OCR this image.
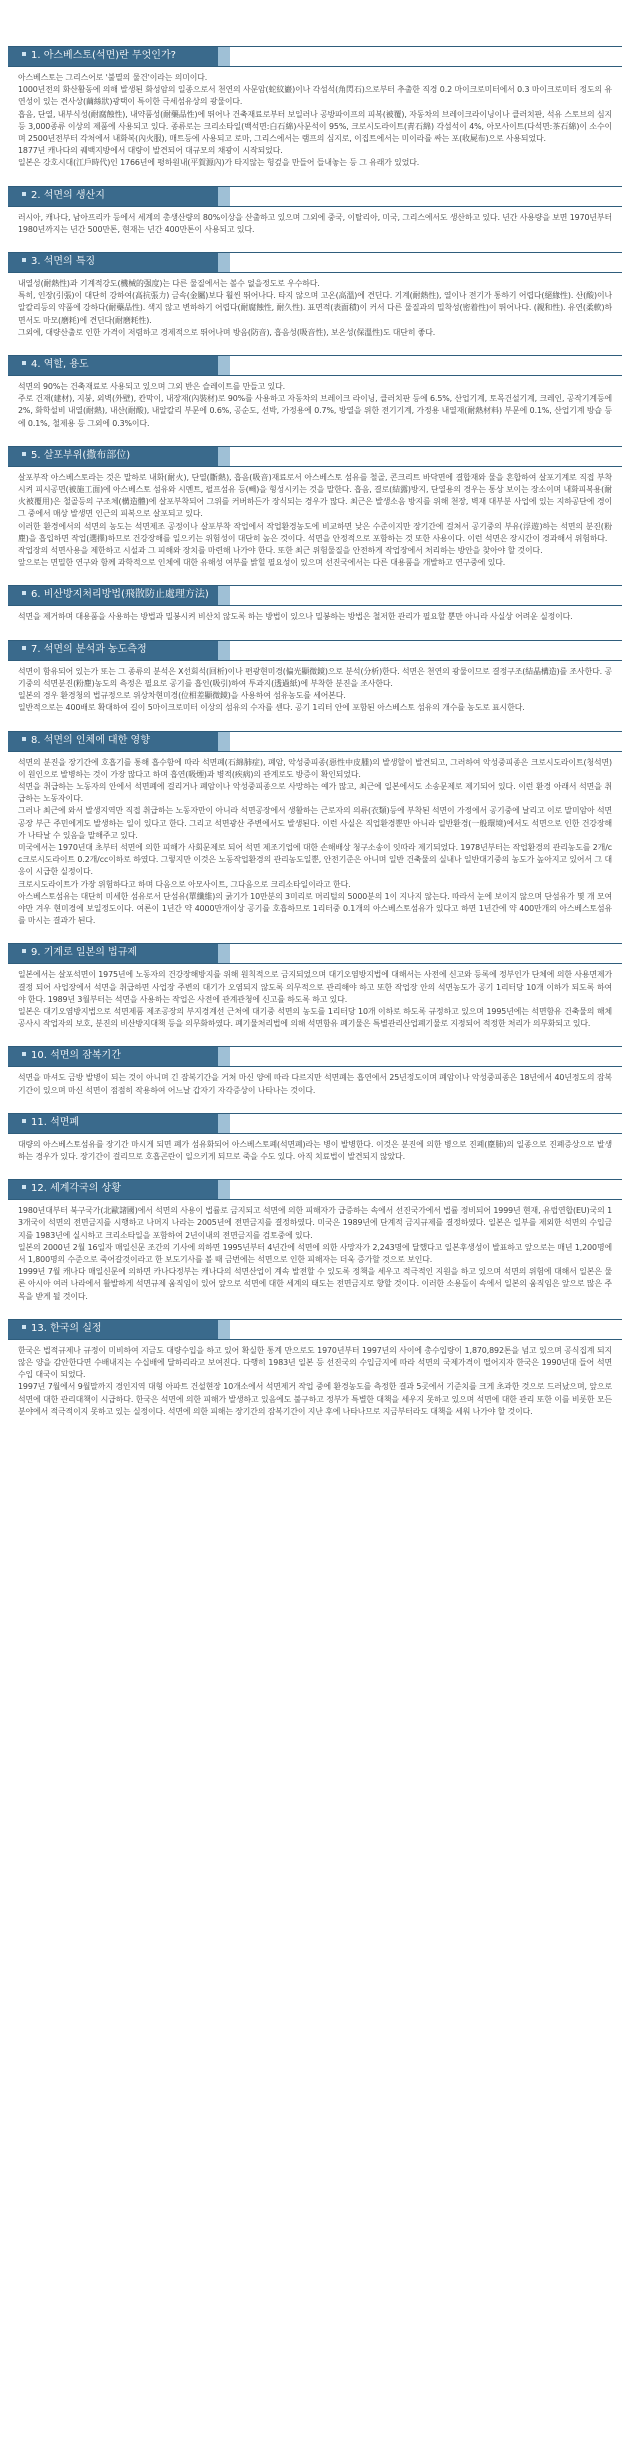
1. 아스베스토(석면)란 무엇인가?

아스베스토는 그리스어로 '불멸의 물건'이라는 의미이다.

1000년전의 화산활동에 의해 발생된 화성암의 일종으로서 천연의 사문암(蛇紋巖)이나 각섬석(角閃石)으로부터 추출한 직경 0.2 마이크로미터에서 0.3 마이크로미터 정도의 유연성이 있는 견사상(繭絲狀)광택이 특이한 극세섬유상의 광물이다.

흡음, 단열, 내부식성(耐腐蝕性), 내약품성(耐藥品性)에 뛰어나 건축재료로부터 보일러나 공방파이프의 피복(被覆), 자동차의 브레이크라이닝이나 클러치판, 석유 스토브의 심지등 3,000종류 이상의 제품에 사용되고 있다. 종류로는 크리소타일(백석면:白石綿)사문석이 95%, 크로시도라이트(靑石綿) 각섬석이 4%, 아모사이트(다석면:茶石綿)이 소수이며 2500년전부터 각처에서 내화복(內火服), 매트등에 사용되고 로마, 그리스에서는 램프의 심지로, 이집트에서는 미이라를 싸는 포(收屍布)으로 사용되었다.

1877년 캐나다의 퀘백지방에서 대량이 발견되어 대규모의 채광이 시작되었다.

일본은 강호시대(江戶時代)인 1766년에 평하원내(平賀源內)가 타지않는 헝겊을 만들어 들내놓는 등 그 유래가 있었다.

2. 석면의 생산지

러시아, 캐나다, 남아프리카 등에서 세계의 총생산량의 80%이상을 산출하고 있으며 그외에 중국, 이탈리아, 미국, 그리스에서도 생산하고 있다. 년간 사용량을 보면 1970년부터 1980년까지는 년간 500만톤, 현재는 년간 400만톤이 사용되고 있다.

3. 석면의 특징

내열성(耐熱性)과 기계적강도(機械的强度)는 다른 물질에서는 볼수 없을정도로 우수하다.

특히, 인장(引張)이 대단히 강하여(高抗張力) 금속(金屬)보다 훨씬 뛰어나다. 타지 않으며 고온(高溫)에 견딘다. 기계(耐熱性), 열이나 전기가 통하기 어렵다(絕緣性). 산(酸)이나 알칼리등의 약품에 강하다(耐藥品性). 색지 않고 변하하기 어렵다(耐腐蝕性, 耐久性). 표면적(表面積)이 커서 다른 물질과의 밀착성(密着性)이 뛰어나다. (親和性). 유연(柔軟)하면서도 마모(磨耗)에 견딘다(耐磨耗性).

그외에, 대량산출로 인한 가격이 저렴하고 경제적으로 뛰어나며 방음(防音), 흡음성(吸音性), 보온성(保溫性)도 대단히 좋다.

4. 역할, 용도

석면의 90%는 건축재료로 사용되고 있으며 그외 반은 슬레이트를 만들고 있다.

주로 건재(建材), 지붕, 외벽(外壁), 칸막이, 내장재(內裝材)로 90%를 사용하고 자동차의 브레이크 라이닝, 클러치판 등에 6.5%, 산업기계, 토목건설기계, 크레인, 공작기계등에 2%, 화학설비 내열(耐熱), 내산(耐酸), 내알칼리 부문에 0.6%, 공순도, 선박, 가정용에 0.7%, 방열을 위한 전기기계, 가정용 내열재(耐熱材料) 부문에 0.1%, 산업기계 방습 등에 0.1%, 철제용 등 그외에 0.3%이다.

5. 살포부위(撒布部位)

살포부작 아스베스토라는 것은 말하로 내화(耐火), 단열(斷熱), 흡음(吸音)재료로서 아스베스토 섬유를 철골, 콘크리트 바닥면에 결합재와 물을 혼합하여 살포기계로 직접 부착시켜 피시공면(被施工面)에 아스베스토 섬유와 시멘트, 펄프섬유 등(빼)을 형성시키는 것을 말한다. 흡음, 결로(結露)방지, 단열용의 경우는 통상 보이는 장소이며 내화피복용(耐火被覆用)은 철골등의 구조체(構造體)에 살포부착되어 그위를 커버하든가 장식되는 경우가 많다. 최근은 발생소음 방지를 위해 천장, 벽재 대부분 사업에 있는 지하공단에 경이 그 중에서 매상 발생면 인근의 피복으로 살포되고 있다.

이러한 환경에서의 석면의 농도는 석면제조 공정이나 살포부착 작업에서 작업환경농도에 비교하면 낮은 수준이지만 장기간에 걸쳐서 공기중의 부유(浮遊)하는 석면의 분진(粉塵)을 흡입하면 작업(選擇)하므로 건강장해를 일으키는 위험성이 대단히 높은 것이다. 석면을 안정적으로 포함하는 것 또한 사용이다. 이런 석면은 장시간이 경과해서 위험하다.

작업장의 석면사용을 제한하고 시설과 그 피해와 장치를 마련해 나가야 한다. 또한 최근 위험물질을 안전하게 작업장에서 처리하는 방안을 찾아야 할 것이다.

앞으로는 면밀한 연구와 함께 과학적으로 인체에 대한 유해성 여부를 밝힐 필요성이 있으며 선진국에서는 다른 대용품을 개발하고 연구중에 있다.

6. 비산방지처리방법(飛散防止處理方法)

석면을 제거하며 대용품을 사용하는 방법과 밀봉시켜 비산치 않도록 하는 방법이 있으나 밀봉하는 방법은 철저한 관리가 필요할 뿐만 아니라 사실상 어려운 실정이다.

7. 석면의 분석과 농도측정

석면이 함유되어 있는가 또는 그 종류의 분석은 X선회석(回析)이나 편광현미경(偏光顯微鏡)으로 분석(分析)한다. 석면은 천연의 광물이므로 결정구조(結晶構造)를 조사한다. 공기중의 석면분진(粉塵)농도의 측정은 필요로 공기를 흡인(吸引)하여 투과지(透過紙)에 부착한 분진을 조사한다.

일본의 경우 환경청의 법규정으로 위상차현미경(位相差顯微鏡)을 사용하여 섬유농도를 세어본다.

일반적으로는 400배로 확대하여 길이 5마이크로미터 이상의 섬유의 수자를 센다. 공기 1리터 안에 포함된 아스베스토 섬유의 개수를 농도로 표시한다.

8. 석면의 인체에 대한 영향

석면의 분진을 장기간에 호흡기를 통해 흡수함에 따라 석면폐(石綿肺症), 폐암, 악성중피종(惡性中皮腫)의 발생할이 발견되고, 그러하여 악성중피종은 크로시도라이트(청석면)이 원인으로 발병하는 것이 가장 많다고 하며 흡연(吸煙)과 병적(疾病)의 관계로도 방증이 확인되었다.

석면을 취급하는 노동자의 안에서 석면폐에 걸리거나 폐암이나 악성중피종으로 사망하는 예가 많고, 최근에 일본에서도 소송문제로 제기되어 있다. 이런 환경 아래서 석면을 취급하는 노동자이다.

그러나 최근에 와서 발생지역만 직접 취급하는 노동자만이 아니라 석면공장에서 생활하는 근로자의 의류(衣類)등에 부착된 석면이 가정에서 공기중에 날리고 이로 말미암아 석면공장 부근 주민에게도 발생하는 일이 있다고 한다. 그리고 석면광산 주변에서도 발생된다. 이런 사실은 직업환경뿐만 아니라 일반환경(一般環境)에서도 석면으로 인한 건강장해가 나타날 수 있음을 말해주고 있다.

미국에서는 1970년대 초부터 석면에 의한 피해가 사회문제로 되어 석면 제조기업에 대한 손해배상 청구소송이 잇따라 제기되었다. 1978년부터는 작업환경의 관리농도를 2개/cc크로시도라이트 0.2개/cc이하로 하였다. 그렇지만 이것은 노동작업환경의 관리농도일뿐, 안전기준은 아니며 일반 건축물의 실내나 일반대기중의 농도가 높아지고 있어서 그 대응이 시급한 실정이다.

크로시도라이트가 가장 위험하다고 하며 다음으로 아모사이트, 그다음으로 크리소타일이라고 한다.

아스베스토섬유는 대단히 미세한 섬유로서 단섬유(單纖維)의 굵기가 10만분의 3미리로 머리털의 5000분의 1이 지나지 않는다. 따라서 눈에 보이지 않으며 단섬유가 몇 개 모여야만 겨우 현미경에 보일정도이다. 여론이 1년간 약 4000만개이상 공기를 호흡하므로 1리터중 0.1개의 아스베스토섬유가 있다고 하면 1년간에 약 400만개의 아스베스토섬유를 마시는 결과가 된다.

9. 기계로 일본의 법규제

일본에서는 살포석면이 1975년에 노동자의 건강장해방지를 위해 원칙적으로 금지되었으며 대기오염방지법에 대해서는 사전에 신고와 등록에 정부인가 단체에 의한 사용면제가 결정 되어 사업장에서 석면을 취급하면 사업장 주변의 대기가 오염되지 않도록 의무적으로 관리해야 하고 또한 작업장 안의 석면농도가 공기 1리터당 10개 이하가 되도록 하여야 한다. 1989년 3월부터는 석면을 사용하는 작업은 사전에 관계관청에 신고를 하도록 하고 있다.

일본은 대기오염방지법으로 석면제품 제조공장의 부지경계선 근처에 대기중 석면의 농도를 1리터당 10개 이하로 하도록 규정하고 있으며 1995년에는 석면함유 건축물의 해체공사시 작업자의 보호, 분진의 비산방지대책 등을 의무화하였다. 폐기물처리법에 의해 석면함유 폐기물은 특별관리산업폐기물로 지정되어 적정한 처리가 의무화되고 있다.

10. 석면의 잠복기간

석면을 마셔도 금방 발병이 되는 것이 아니며 긴 잠복기간을 거쳐 마신 양에 따라 다르지만 석면폐는 흡연에서 25년정도이며 폐암이나 악성중피종은 18년에서 40년정도의 잠복기간이 있으며 마신 석면이 점점히 작용하여 어느날 갑자기 자각증상이 나타나는 것이다.

11. 석면폐

대량의 아스베스토섬유를 장기간 마시게 되면 폐가 섬유화되어 아스베스토폐(석면폐)라는 병이 발병한다. 이것은 분진에 의한 병으로 진폐(塵肺)의 일종으로 진폐증상으로 발생하는 경우가 있다. 장기간이 걸리므로 호흡곤란이 일으키게 되므로 죽을 수도 있다. 아직 치료법이 발견되지 않았다.

12. 세계각국의 상황

1980년대부터 북구국가(北歐諸國)에서 석면의 사용이 법률로 금지되고 석면에 의한 피해자가 급증하는 속에서 선진국가에서 법률 정비되어 1999년 현재, 유럽연합(EU)국의 13개국이 석면의 전면금지를 시행하고 나머지 나라는 2005년에 전면금지를 결정하였다. 미국은 1989년에 단계적 금지규제를 결정하였다. 일본은 일부를 제외한 석면의 수입금지를 1983년에 실시하고 크리소타일을 포함하여 2년이내의 전면금지를 검토중에 있다.

일본의 2000년 2월 16일자 매일신문 조간의 기사에 의하면 1995년부터 4년간에 석면에 의한 사망자가 2,243명에 달했다고 일본후생성이 발표하고 앞으로는 매년 1,200명에서 1,800명의 수준으로 죽어갈것이라고 한 보도기사를 볼 때 금번에는 석면으로 인한 피해자는 더욱 증가할 것으로 보인다.

1999년 7월 캐나다 매일신문에 의하면 카나다정부는 캐나다의 석면산업이 계속 발전할 수 있도록 정책을 세우고 적극적인 지원을 하고 있으며 석면의 위험에 대해서 일본은 물론 아시아 여러 나라에서 활발하게 석면규제 움직임이 있어 앞으로 석면에 대한 세계의 태도는 전면금지로 향할 것이다. 이러한 소용돌이 속에서 일본의 움직임은 앞으로 많은 주목을 받게 될 것이다.

13. 한국의 실정

한국은 법적규제나 규정이 미비하여 지금도 대량수입을 하고 있어 확실한 통계 만으로도 1970년부터 1997년의 사이에 총수입량이 1,870,892톤을 넘고 있으며 공식집계 되지 않은 양을 감안한다면 수배내지는 수십배에 달하리라고 보여진다. 다행히 1983년 일본 등 선진국의 수입금지에 따라 석면의 국제가격이 떨어지자 한국은 1990년대 들어 석면 수입 대국이 되었다.

1997년 7월에서 9월말까지 경인지역 대형 아파트 건설현장 10개소에서 석면제거 작업 중에 환경농도를 측정한 결과 5곳에서 기준치를 크게 초과한 것으로 드러났으며, 앞으로 석면에 대한 관리대책이 시급하다. 한국은 석면에 의한 피해가 발생하고 있음에도 불구하고 정부가 특별한 대책을 세우지 못하고 있으며 석면에 대한 관리 또한 이를 비롯한 모든 분야에서 적극적이지 못하고 있는 실정이다. 석면에 의한 피해는 장기간의 잠복기간이 지난 후에 나타나므로 지금부터라도 대책을 세워 나가야 할 것이다.
